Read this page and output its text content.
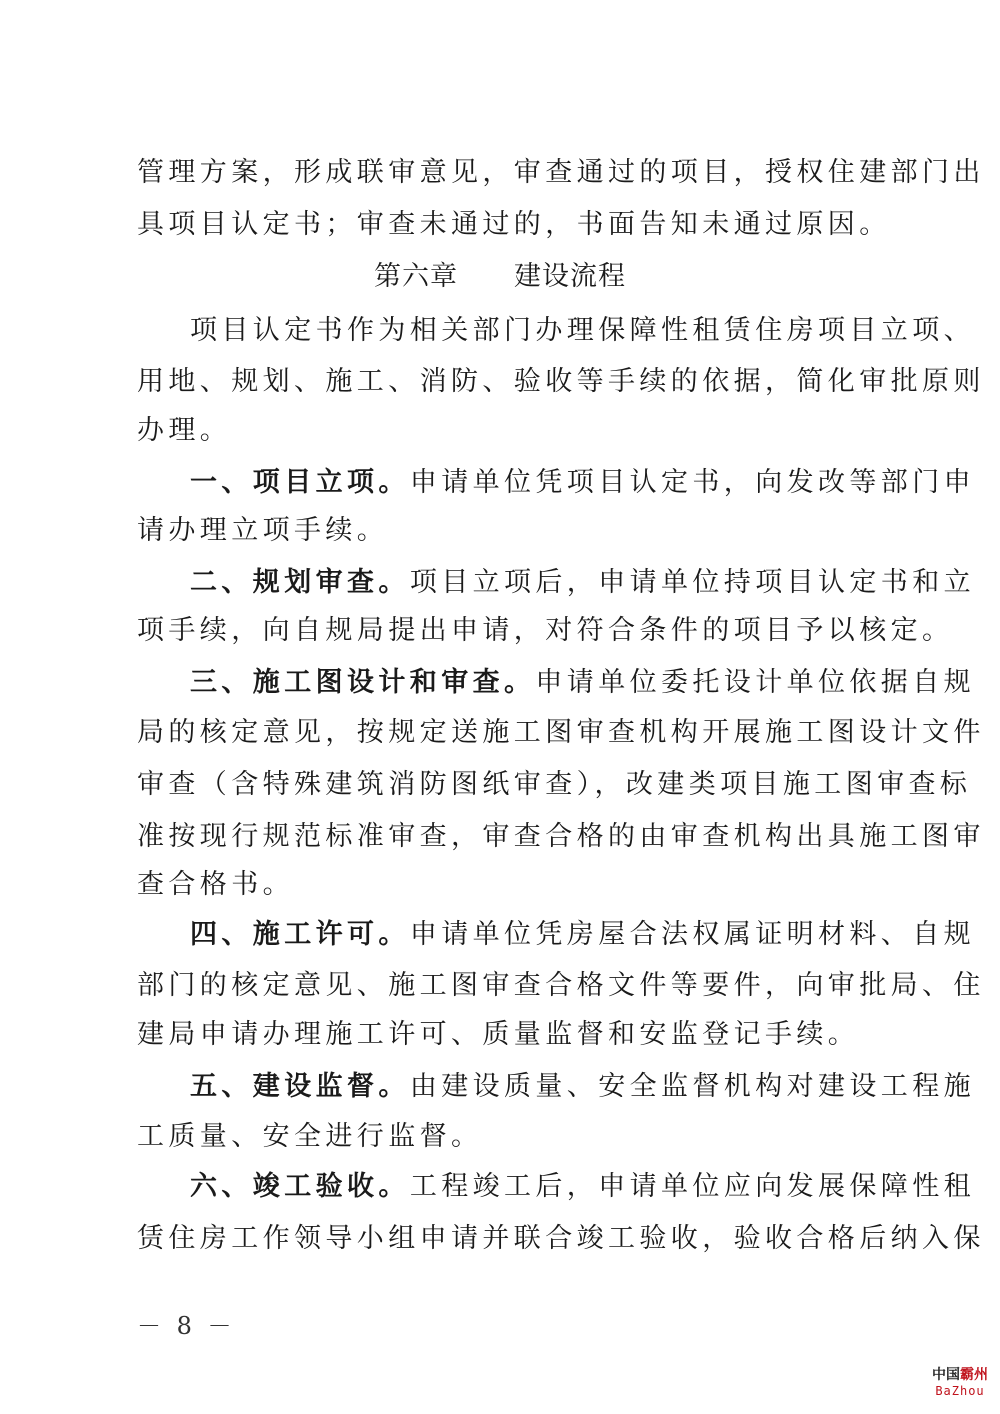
管理方案，形成联审意见，审查通过的项目，授权住建部门出
具项目认定书；审查未通过的，书面告知未通过原因。
第六章　　建设流程
项目认定书作为相关部门办理保障性租赁住房项目立项、
用地、规划、施工、消防、验收等手续的依据，简化审批原则
办理。
一、项目立项。申请单位凭项目认定书，向发改等部门申
请办理立项手续。
二、规划审查。项目立项后，申请单位持项目认定书和立
项手续，向自规局提出申请，对符合条件的项目予以核定。
三、施工图设计和审查。申请单位委托设计单位依据自规
局的核定意见，按规定送施工图审查机构开展施工图设计文件
审查（含特殊建筑消防图纸审查），改建类项目施工图审查标
准按现行规范标准审查，审查合格的由审查机构出具施工图审
查合格书。
四、施工许可。申请单位凭房屋合法权属证明材料、自规
部门的核定意见、施工图审查合格文件等要件，向审批局、住
建局申请办理施工许可、质量监督和安监登记手续。
五、建设监督。由建设质量、安全监督机构对建设工程施
工质量、安全进行监督。
六、竣工验收。工程竣工后，申请单位应向发展保障性租
赁住房工作领导小组申请并联合竣工验收，验收合格后纳入保
－ 8 －
中国霸州
BaZhou
